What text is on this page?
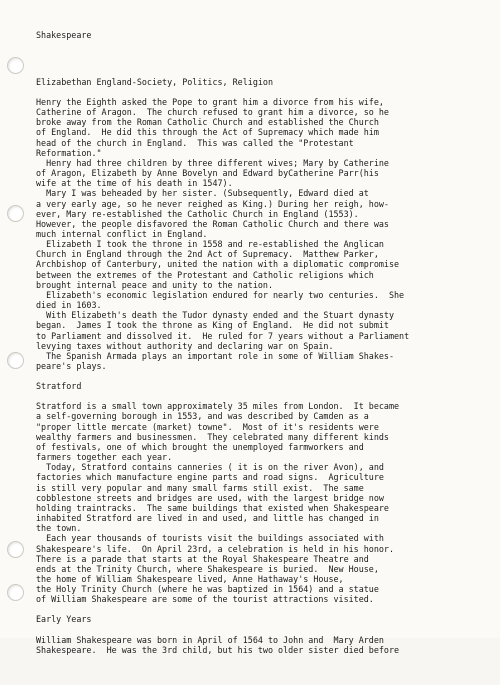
Shakespeare

Elizabethan England-Society, Politics, Religion
Henry the Eighth asked the Pope to grant him a divorce from his wife,
Catherine of Aragon.  The church refused to grant him a divorce, so he
broke away from the Roman Catholic Church and established the Church
of England.  He did this through the Act of Supremacy which made him
head of the church in England.  This was called the "Protestant
Reformation."
Henry had three children by three different wives; Mary by Catherine
of Aragon, Elizabeth by Anne Bovelyn and Edward byCatherine Parr(his
wife at the time of his death in 1547).
Mary I was beheaded by her sister. (Subsequently, Edward died at
a very early age, so he never reighed as King.) During her reigh, how-
ever, Mary re-established the Catholic Church in England (1553).
However, the people disfavored the Roman Catholic Church and there was
much internal conflict in England.
Elizabeth I took the throne in 1558 and re-established the Anglican
Church in England through the 2nd Act of Supremacy.  Matthew Parker,
Archbishop of Canterbury, united the nation with a diplomatic compromise
between the extremes of the Protestant and Catholic religions which
brought internal peace and unity to the nation.
Elizabeth's economic legislation endured for nearly two centuries.  She
died in 1603.
With Elizabeth's death the Tudor dynasty ended and the Stuart dynasty
began.  James I took the throne as King of England.  He did not submit
to Parliament and dissolved it.  He ruled for 7 years without a Parliament
levying taxes without authority and declaring war on Spain.
The Spanish Armada plays an important role in some of William Shakes-
peare's plays.
Stratford
Stratford is a small town approximately 35 miles from London.  It became
a self-governing borough in 1553, and was described by Camden as a
"proper little mercate (market) towne".  Most of it's residents were
wealthy farmers and businessmen.  They celebrated many different kinds
of festivals, one of which brought the unemployed farmworkers and
farmers together each year.
Today, Stratford contains canneries ( it is on the river Avon), and
factories which manufacture engine parts and road signs.  Agriculture
is still very popular and many small farms still exist.  The same
cobblestone streets and bridges are used, with the largest bridge now
holding traintracks.  The same buildings that existed when Shakespeare
inhabited Stratford are lived in and used, and little has changed in
the town.
Each year thousands of tourists visit the buildings associated with
Shakespeare's life.  On April 23rd, a celebration is held in his honor.
There is a parade that starts at the Royal Shakespeare Theatre and
ends at the Trinity Church, where Shakespeare is buried.  New House,
the home of William Shakespeare lived, Anne Hathaway's House,
the Holy Trinity Church (where he was baptized in 1564) and a statue
of William Shakespeare are some of the tourist attractions visited.
Early Years
William Shakespeare was born in April of 1564 to John and  Mary Arden
Shakespeare.  He was the 3rd child, but his two older sister died before
